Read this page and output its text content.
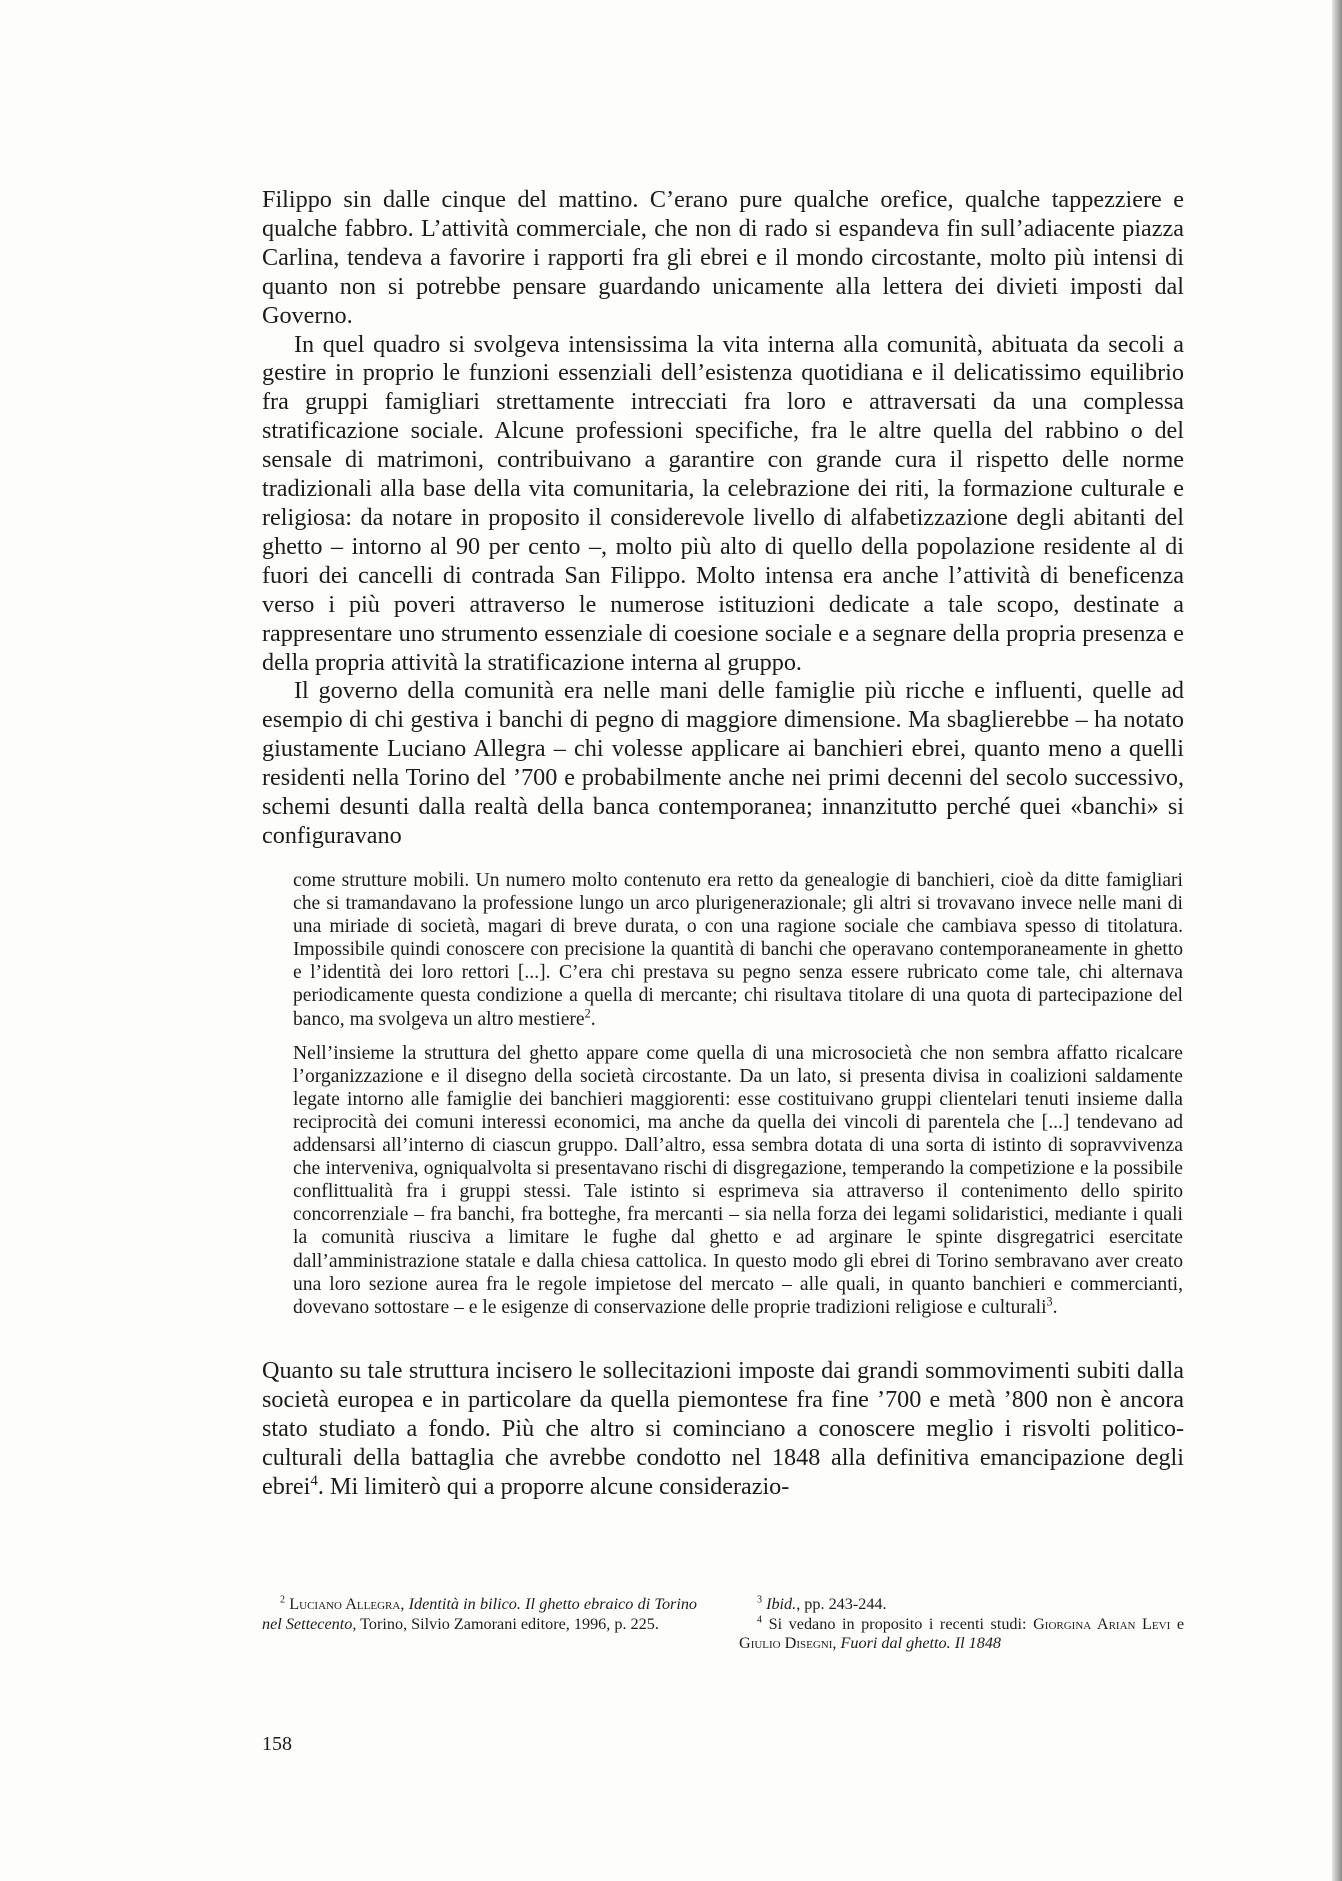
Filippo sin dalle cinque del mattino. C’erano pure qualche orefice, qualche tappezziere e qualche fabbro. L’attività commerciale, che non di rado si espandeva fin sull’adiacente piazza Carlina, tendeva a favorire i rapporti fra gli ebrei e il mondo circostante, molto più intensi di quanto non si potrebbe pensare guardando unicamente alla lettera dei divieti imposti dal Governo.

In quel quadro si svolgeva intensissima la vita interna alla comunità, abituata da secoli a gestire in proprio le funzioni essenziali dell’esistenza quotidiana e il delicatissimo equilibrio fra gruppi famigliari strettamente intrecciati fra loro e attraversati da una complessa stratificazione sociale. Alcune professioni specifiche, fra le altre quella del rabbino o del sensale di matrimoni, contribuivano a garantire con grande cura il rispetto delle norme tradizionali alla base della vita comunitaria, la celebrazione dei riti, la formazione culturale e religiosa: da notare in proposito il considerevole livello di alfabetizzazione degli abitanti del ghetto – intorno al 90 per cento –, molto più alto di quello della popolazione residente al di fuori dei cancelli di contrada San Filippo. Molto intensa era anche l’attività di beneficenza verso i più poveri attraverso le numerose istituzioni dedicate a tale scopo, destinate a rappresentare uno strumento essenziale di coesione sociale e a segnare della propria presenza e della propria attività la stratificazione interna al gruppo.

Il governo della comunità era nelle mani delle famiglie più ricche e influenti, quelle ad esempio di chi gestiva i banchi di pegno di maggiore dimensione. Ma sbaglierebbe – ha notato giustamente Luciano Allegra – chi volesse applicare ai banchieri ebrei, quanto meno a quelli residenti nella Torino del ’700 e probabilmente anche nei primi decenni del secolo successivo, schemi desunti dalla realtà della banca contemporanea; innanzitutto perché quei «banchi» si configuravano

come strutture mobili. Un numero molto contenuto era retto da genealogie di banchieri, cioè da ditte famigliari che si tramandavano la professione lungo un arco plurigenerazionale; gli altri si trovavano invece nelle mani di una miriade di società, magari di breve durata, o con una ragione sociale che cambiava spesso di titolatura. Impossibile quindi conoscere con precisione la quantità di banchi che operavano contemporaneamente in ghetto e l’identità dei loro rettori [...]. C’era chi prestava su pegno senza essere rubricato come tale, chi alternava periodicamente questa condizione a quella di mercante; chi risultava titolare di una quota di partecipazione del banco, ma svolgeva un altro mestiere$^2$.

Nell’insieme la struttura del ghetto appare come quella di una microsocietà che non sembra affatto ricalcare l’organizzazione e il disegno della società circostante. Da un lato, si presenta divisa in coalizioni saldamente legate intorno alle famiglie dei banchieri maggiorenti: esse costituivano gruppi clientelari tenuti insieme dalla reciprocità dei comuni interessi economici, ma anche da quella dei vincoli di parentela che [...] tendevano ad addensarsi all’interno di ciascun gruppo. Dall’altro, essa sembra dotata di una sorta di istinto di sopravvivenza che interveniva, ogniqualvolta si presentavano rischi di disgregazione, temperando la competizione e la possibile conflittualità fra i gruppi stessi. Tale istinto si esprimeva sia attraverso il contenimento dello spirito concorrenziale – fra banchi, fra botteghe, fra mercanti – sia nella forza dei legami solidaristici, mediante i quali la comunità riusciva a limitare le fughe dal ghetto e ad arginare le spinte disgregatrici esercitate dall’amministrazione statale e dalla chiesa cattolica. In questo modo gli ebrei di Torino sembravano aver creato una loro sezione aurea fra le regole impietose del mercato – alle quali, in quanto banchieri e commercianti, dovevano sottostare – e le esigenze di conservazione delle proprie tradizioni religiose e culturali$^3$.

Quanto su tale struttura incisero le sollecitazioni imposte dai grandi sommovimenti subiti dalla società europea e in particolare da quella piemontese fra fine ’700 e metà ’800 non è ancora stato studiato a fondo. Più che altro si cominciano a conoscere meglio i risvolti politico-culturali della battaglia che avrebbe condotto nel 1848 alla definitiva emancipazione degli ebrei$^4$. Mi limiterò qui a proporre alcune considerazio-

$^2$ Luciano Allegra, Identità in bilico. Il ghetto ebraico di Torino nel Settecento, Torino, Silvio Zamorani editore, 1996, p. 225.

$^3$ Ibid., pp. 243-244.

$^4$ Si vedano in proposito i recenti studi: Giorgina Arian Levi e Giulio Disegni, Fuori dal ghetto. Il 1848

158
